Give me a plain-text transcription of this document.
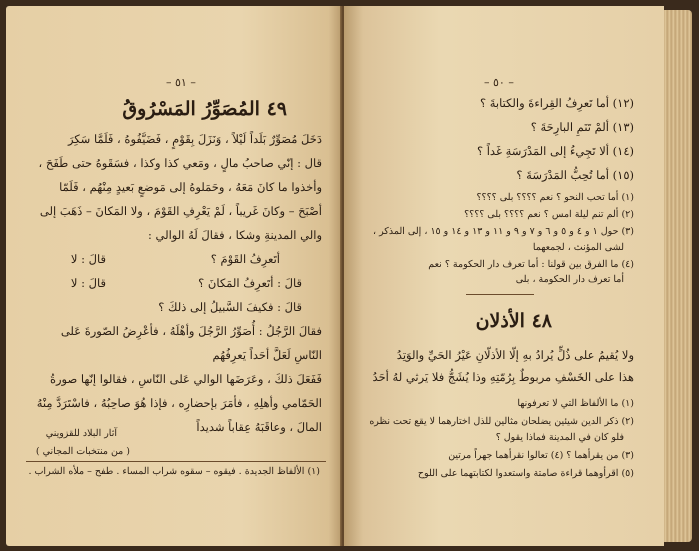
– ٥١ –
٤٩ المُصَوِّرُ المَسْرُوقُ
دَخَلَ مُصَوِّرٌ بَلَداً لَيْلاً ، وَنَزَلَ بِقَوْمٍ ، فَضَيَّفُوهُ ، فَلَمَّا سَكِرَ
قال : إنّي صاحبُ مالٍ ، ومَعي كذا وكذا ، فسَقَوهُ حتى طَفَحَ ،
وأخذوا ما كانَ مَعَهُ ، وحَمَلوهُ إلى مَوضعٍ بَعيدٍ مِنْهُم ، فَلَمّا
أصْبَحَ – وكانَ غَريباً ، لَمْ يَعْرِفِ القَوْمَ ، ولا المَكانَ – ذَهَبَ إلى
والي المدينةِ وشكا ، فقالَ لَهُ الوالي :
أتَعرِفُ القَوْمَ ؟
قالَ : لا
قالَ : أتَعرِفُ المَكانَ ؟
قالَ : لا
قالَ : فكيفَ السَّبيلُ إلى ذلكَ ؟
فقالَ الرَّجُلُ : أُصَوِّرُ الرَّجُلَ وأهْلَهُ ، فأعْرِضُ الصّورةَ عَلى
النّاسِ لَعَلَّ أحَداً يَعرِفُهُم
فَفَعَلَ ذلكَ ، وعَرَضَها الوالي عَلى النّاسِ ، فقالوا إنّها صورةُ
الحَمّامي وأهلِهِ ، فأمَرَ بإحضارِه ، فإذا هُوَ صاحِبُهُ ، فاسْتَرَدَّ مِنْهُ
المالَ ، وعاقَبَهُ عِقاباً شديداً
آثار البلاد للقزويني
( من منتخبات المجاني )
(١) الألفاظ الجديدة . فيقوه – سقوه شراب المساء . طفح – ملأه الشراب .
– ٥٠ –
(١٢) أما تَعرِفُ القِراءةَ والكتابةَ ؟
(١٣) ألمْ تَنَمِ البارِحَةَ ؟
(١٤) ألا تَجِيءُ إلى المَدْرَسَةِ غَداً ؟
(١٥) أما تُحِبُّ المَدْرَسَةَ ؟
(١) أما تحب النحو ؟ نعم ؟؟؟؟ بلى ؟؟؟؟
(٢) ألم تنم ليلة امس ؟ نعم ؟؟؟؟ بلى ؟؟؟؟
(٣) حول ١ و ٤ و ٥ و ٦ و ٧ و ٩ و ١١ و ١٣ و ١٤ و ١٥ ، إلى المذكر ،
لشى المؤنث ، لجمعهما
(٤) ما الفرق بين قولنا : أما تعرف دار الحكومة ؟ نعم
أما تعرف دار الحكومة ، بلى
٤٨ الأذلان
ولا يُقيمُ على ذُلٍّ يُرادُ بهِ إلّا الأذلّانِ عَيْرُ الحَيِّ والوَتِدُ
هذا على الخَسْفِ مربوطٌ بِرُمّتِهِ وذا يُشَجُّ فلا يَرثي لهُ أحَدُ
(١) ما الألفاظ التي لا تعرفونها
(٢) ذكر الدين شيئين يضلحان مثالين للذل اختارهما لا يقع تحت نظره
فلو كان في المدينة فماذا يقول ؟
(٣) من يقرأهما ؟ (٤) تعالوا نقرأهما جهراً مرتين
(٥) اقرأوهما قراءة صامتة واستعدوا لكتابتهما على اللوح
